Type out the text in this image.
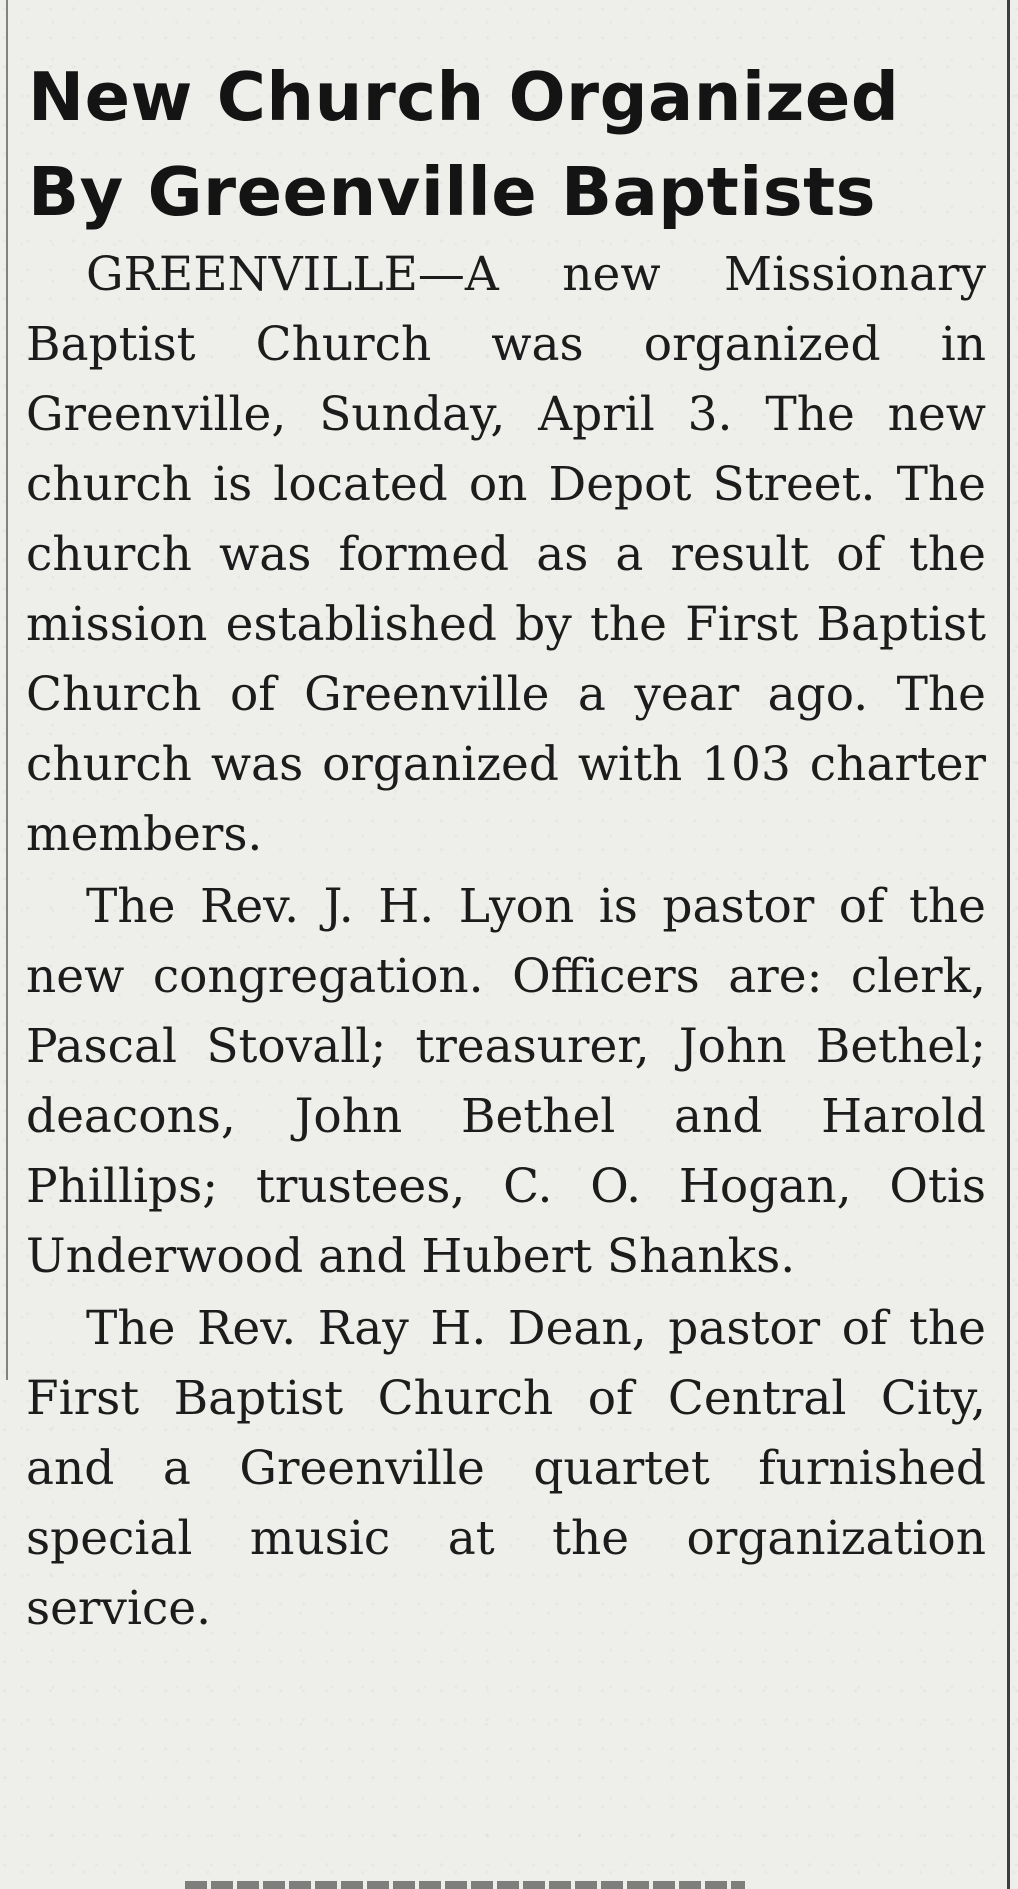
New Church Organized
By Greenville Baptists

GREENVILLE—A new Missionary Baptist Church was organized in Greenville, Sunday, April 3. The new church is located on Depot Street. The church was formed as a result of the mission established by the First Baptist Church of Greenville a year ago. The church was organized with 103 charter members.

The Rev. J. H. Lyon is pastor of the new congregation. Officers are: clerk, Pascal Stovall; treasurer, John Bethel; deacons, John Bethel and Harold Phillips; trustees, C. O. Hogan, Otis Underwood and Hubert Shanks.

The Rev. Ray H. Dean, pastor of the First Baptist Church of Central City, and a Greenville quartet furnished special music at the organization service.
